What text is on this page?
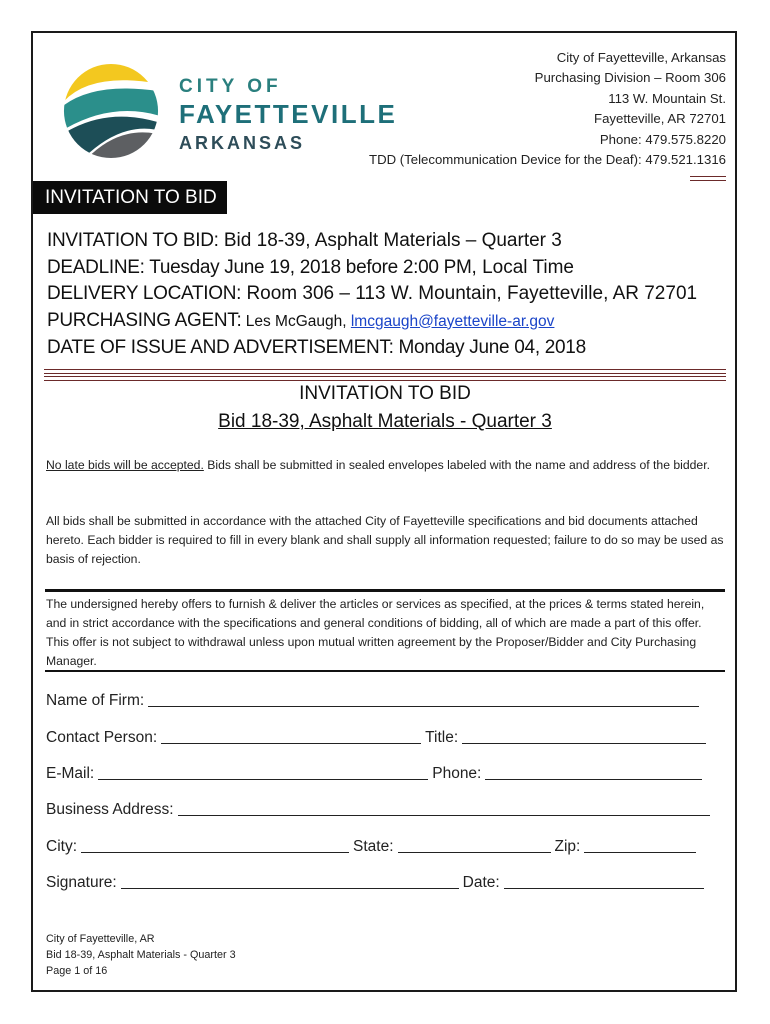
CITY OF
FAYETTEVILLE
ARKANSAS
City of Fayetteville, Arkansas
Purchasing Division – Room 306
113 W. Mountain St.
Fayetteville, AR 72701
Phone: 479.575.8220
TDD (Telecommunication Device for the Deaf): 479.521.1316
INVITATION TO BID
INVITATION TO BID: Bid 18-39, Asphalt Materials – Quarter 3
DEADLINE: Tuesday June 19, 2018 before 2:00 PM, Local Time
DELIVERY LOCATION: Room 306 – 113 W. Mountain, Fayetteville, AR 72701
PURCHASING AGENT: Les McGaugh, lmcgaugh@fayetteville-ar.gov
DATE OF ISSUE AND ADVERTISEMENT: Monday June 04, 2018
INVITATION TO BID
Bid 18-39, Asphalt Materials - Quarter 3
No late bids will be accepted. Bids shall be submitted in sealed envelopes labeled with the name and address of the bidder.
All bids shall be submitted in accordance with the attached City of Fayetteville specifications and bid documents attached hereto. Each bidder is required to fill in every blank and shall supply all information requested; failure to do so may be used as basis of rejection.
The undersigned hereby offers to furnish & deliver the articles or services as specified, at the prices & terms stated herein, and in strict accordance with the specifications and general conditions of bidding, all of which are made a part of this offer. This offer is not subject to withdrawal unless upon mutual written agreement by the Proposer/Bidder and City Purchasing Manager.
Name of Firm:
Contact Person:	Title:
E-Mail:	Phone:
Business Address:
City:	State:	Zip:
Signature:	Date:
City of Fayetteville, AR
Bid 18-39, Asphalt Materials - Quarter 3
Page 1 of 16
